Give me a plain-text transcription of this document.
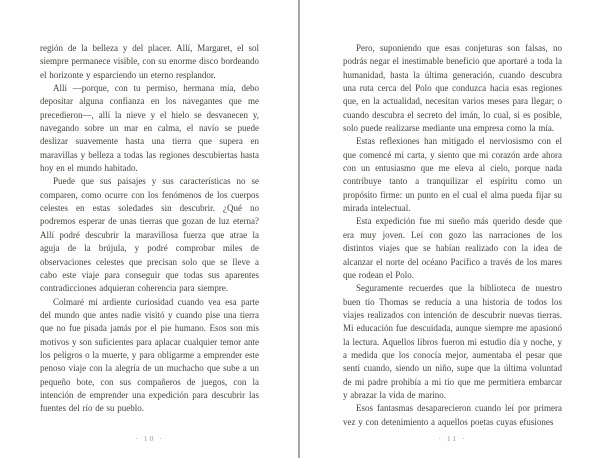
región de la belleza y del placer. Allí, Margaret, el sol siempre permanece visible, con su enorme disco bordeando el horizonte y esparciendo un eterno resplandor.

Allí —porque, con tu permiso, hermana mía, debo depositar alguna confianza en los navegantes que me precedieron—, allí la nieve y el hielo se desvanecen y, navegando sobre un mar en calma, el navío se puede deslizar suavemente hasta una tierra que supera en maravillas y belleza a todas las regiones descubiertas hasta hoy en el mundo habitado.

Puede que sus paisajes y sus características no se comparen, como ocurre con los fenómenos de los cuerpos celestes en estas soledades sin descubrir. ¿Qué no podremos esperar de unas tierras que gozan de luz eterna? Allí podré descubrir la maravillosa fuerza que atrae la aguja de la brújula, y podré comprobar miles de observaciones celestes que precisan solo que se lleve a cabo este viaje para conseguir que todas sus aparentes contradicciones adquieran coherencia para siempre.

Colmaré mi ardiente curiosidad cuando vea esa parte del mundo que antes nadie visitó y cuando pise una tierra que no fue pisada jamás por el pie humano. Esos son mis motivos y son suficientes para aplacar cualquier temor ante los peligros o la muerte, y para obligarme a emprender este penoso viaje con la alegría de un muchacho que sube a un pequeño bote, con sus compañeros de juegos, con la intención de emprender una expedición para descubrir las fuentes del río de su pueblo.

· 10 ·

Pero, suponiendo que esas conjeturas son falsas, no podrás negar el inestimable beneficio que aportaré a toda la humanidad, hasta la última generación, cuando descubra una ruta cerca del Polo que conduzca hacia esas regiones que, en la actualidad, necesitan varios meses para llegar; o cuando descubra el secreto del imán, lo cual, si es posible, solo puede realizarse mediante una empresa como la mía.

Estas reflexiones han mitigado el nerviosismo con el que comencé mi carta, y siento que mi corazón arde ahora con un entusiasmo que me eleva al cielo, porque nada contribuye tanto a tranquilizar el espíritu como un propósito firme: un punto en el cual el alma pueda fijar su mirada intelectual.

Esta expedición fue mi sueño más querido desde que era muy joven. Leí con gozo las narraciones de los distintos viajes que se habían realizado con la idea de alcanzar el norte del océano Pacífico a través de los mares que rodean el Polo.

Seguramente recuerdes que la biblioteca de nuestro buen tío Thomas se reducía a una historia de todos los viajes realizados con intención de descubrir nuevas tierras. Mi educación fue descuidada, aunque siempre me apasionó la lectura. Aquellos libros fueron mi estudio día y noche, y a medida que los conocía mejor, aumentaba el pesar que sentí cuando, siendo un niño, supe que la última voluntad de mi padre prohibía a mi tío que me permitiera embarcar y abrazar la vida de marino.

Esos fantasmas desaparecieron cuando leí por primera vez y con detenimiento a aquellos poetas cuyas efusiones

· 11 ·
